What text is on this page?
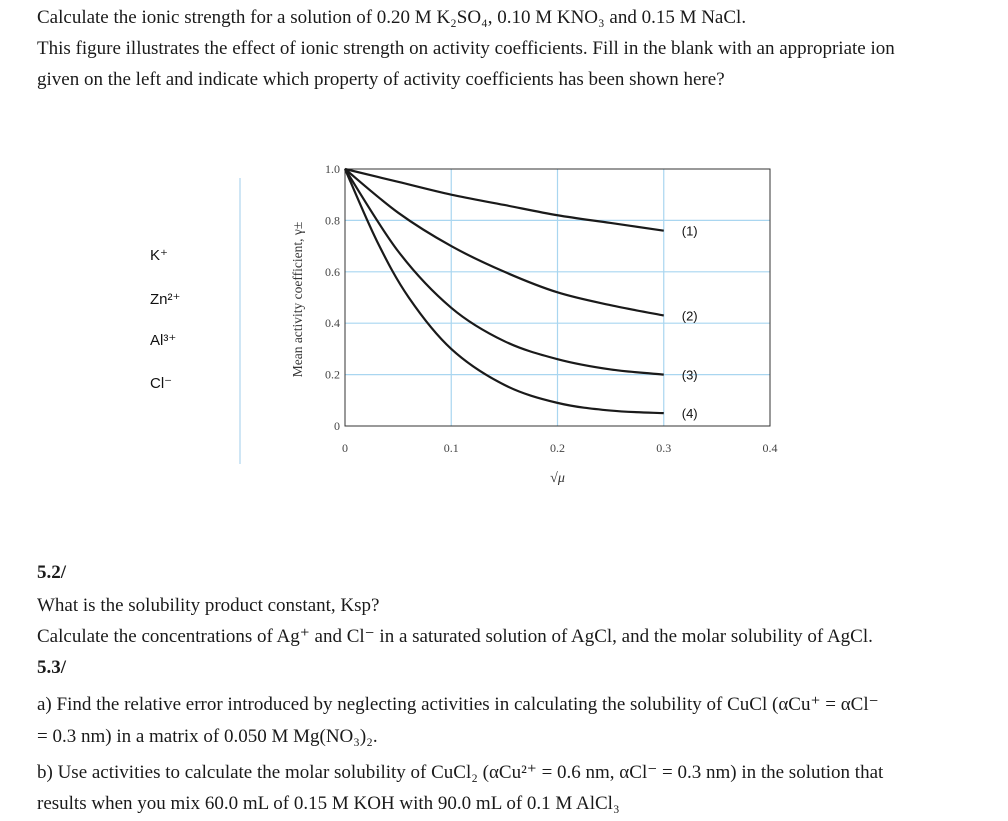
Calculate the ionic strength for a solution of 0.20 M K₂SO₄, 0.10 M KNO₃ and 0.15 M NaCl.
This figure illustrates the effect of ionic strength on activity coefficients. Fill in the blank with an appropriate ion
given on the left and indicate which property of activity coefficients has been shown here?
K⁺
Zn²⁺
Al³⁺
Cl⁻
0
0.2
0.4
0.6
0.8
1.0
0	0.1	0.2	0.3	0.4
√μ
Mean activity coefficient, γ±	(1)
(2)
(3)
(4)
5.2/
What is the solubility product constant, Ksp?
Calculate the concentrations of Ag⁺ and Cl⁻ in a saturated solution of AgCl, and the molar solubility of AgCl.
5.3/
a) Find the relative error introduced by neglecting activities in calculating the solubility of CuCl (αCu⁺ = αCl⁻
= 0.3 nm) in a matrix of 0.050 M Mg(NO₃)₂.
b) Use activities to calculate the molar solubility of CuCl₂ (αCu²⁺ = 0.6 nm, αCl⁻ = 0.3 nm) in the solution that
results when you mix 60.0 mL of 0.15 M KOH with 90.0 mL of 0.1 M AlCl₃
